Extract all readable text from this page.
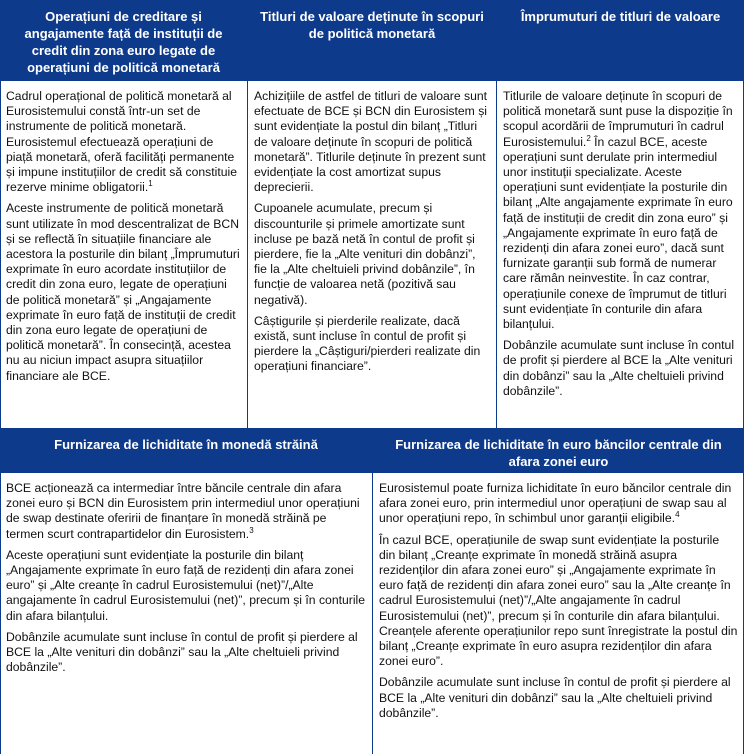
Operațiuni de creditare și angajamente față de instituții de credit din zona euro legate de operațiuni de politică monetară
Titluri de valoare deținute în scopuri de politică monetară
Împrumuturi de titluri de valoare

Cadrul operațional de politică monetară al Eurosistemului constă într-un set de instrumente de politică monetară. Eurosistemul efectuează operațiuni de piață monetară, oferă facilități permanente și impune instituțiilor de credit să constituie rezerve minime obligatorii.$^1$

Aceste instrumente de politică monetară sunt utilizate în mod descentralizat de BCN și se reflectă în situațiile financiare ale acestora la posturile din bilanț „Împrumuturi exprimate în euro acordate instituțiilor de credit din zona euro, legate de operațiuni de politică monetară” și „Angajamente exprimate în euro față de instituții de credit din zona euro legate de operațiuni de politică monetară”. În consecință, acestea nu au niciun impact asupra situațiilor financiare ale BCE.

Achizițiile de astfel de titluri de valoare sunt efectuate de BCE și BCN din Eurosistem și sunt evidențiate la postul din bilanț „Titluri de valoare deținute în scopuri de politică monetară”. Titlurile deținute în prezent sunt evidențiate la cost amortizat supus deprecierii.

Cupoanele acumulate, precum și discounturile și primele amortizate sunt incluse pe bază netă în contul de profit și pierdere, fie la „Alte venituri din dobânzi”, fie la „Alte cheltuieli privind dobânzile”, în funcție de valoarea netă (pozitivă sau negativă).

Câștigurile și pierderile realizate, dacă există, sunt incluse în contul de profit și pierdere la „Câștiguri/pierderi realizate din operațiuni financiare”.

Titlurile de valoare deținute în scopuri de politică monetară sunt puse la dispoziție în scopul acordării de împrumuturi în cadrul Eurosistemului.$^2$ În cazul BCE, aceste operațiuni sunt derulate prin intermediul unor instituții specializate. Aceste operațiuni sunt evidențiate la posturile din bilanț „Alte angajamente exprimate în euro față de instituții de credit din zona euro” și „Angajamente exprimate în euro față de rezidenți din afara zonei euro”, dacă sunt furnizate garanții sub formă de numerar care rămân neinvestite. În caz contrar, operațiunile conexe de împrumut de titluri sunt evidențiate în conturile din afara bilanțului.

Dobânzile acumulate sunt incluse în contul de profit și pierdere al BCE la „Alte venituri din dobânzi” sau la „Alte cheltuieli privind dobânzile”.

Furnizarea de lichiditate în monedă străină	Furnizarea de lichiditate în euro băncilor centrale din afara zonei euro

BCE acționează ca intermediar între băncile centrale din afara zonei euro și BCN din Eurosistem prin intermediul unor operațiuni de swap destinate oferirii de finanțare în monedă străină pe termen scurt contrapartidelor din Eurosistem.$^3$

Aceste operațiuni sunt evidențiate la posturile din bilanț „Angajamente exprimate în euro față de rezidenți din afara zonei euro” și „Alte creanțe în cadrul Eurosistemului (net)”/„Alte angajamente în cadrul Eurosistemului (net)”, precum și în conturile din afara bilanțului.

Dobânzile acumulate sunt incluse în contul de profit și pierdere al BCE la „Alte venituri din dobânzi” sau la „Alte cheltuieli privind dobânzile”.

Eurosistemul poate furniza lichiditate în euro băncilor centrale din afara zonei euro, prin intermediul unor operațiuni de swap sau al unor operațiuni repo, în schimbul unor garanții eligibile.$^4$

În cazul BCE, operațiunile de swap sunt evidențiate la posturile din bilanț „Creanțe exprimate în monedă străină asupra rezidenților din afara zonei euro” și „Angajamente exprimate în euro față de rezidenți din afara zonei euro” sau la „Alte creanțe în cadrul Eurosistemului (net)”/„Alte angajamente în cadrul Eurosistemului (net)”, precum și în conturile din afara bilanțului. Creanțele aferente operațiunilor repo sunt înregistrate la postul din bilanț „Creanțe exprimate în euro asupra rezidenților din afara zonei euro”.

Dobânzile acumulate sunt incluse în contul de profit și pierdere al BCE la „Alte venituri din dobânzi” sau la „Alte cheltuieli privind dobânzile”.
